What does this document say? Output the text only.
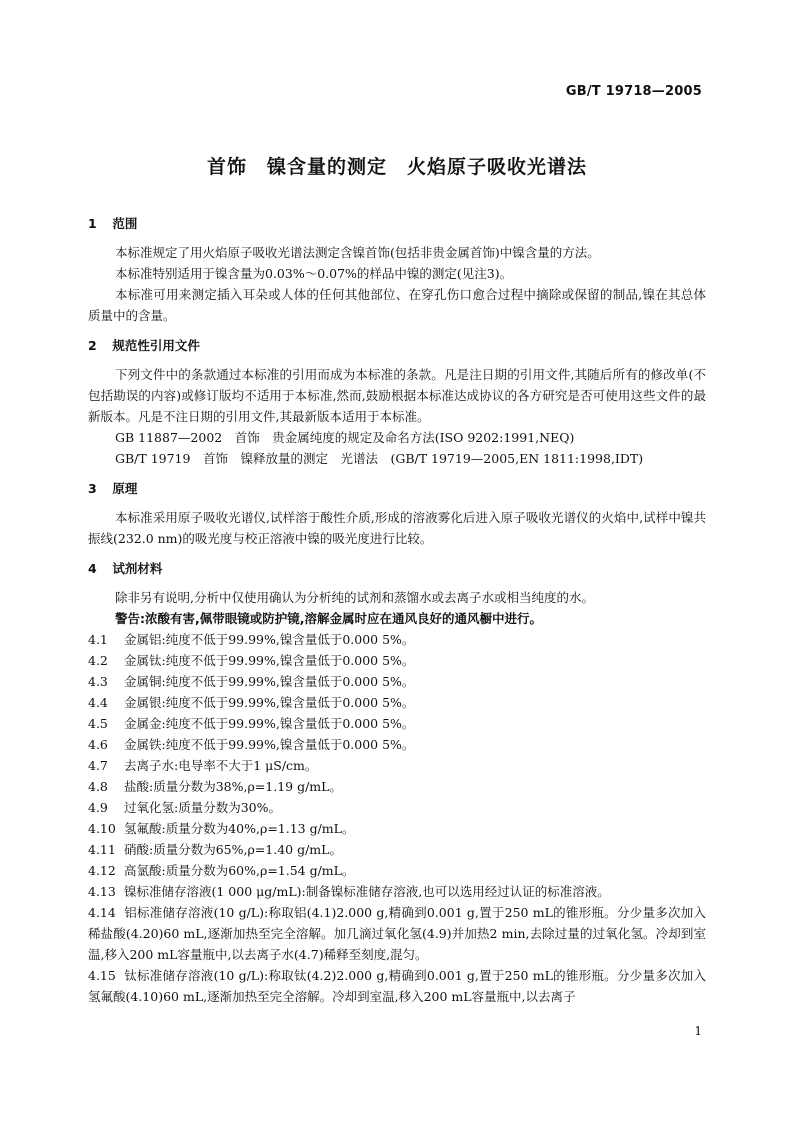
GB/T 19718—2005
首饰　镍含量的测定　火焰原子吸收光谱法
1 范围

本标准规定了用火焰原子吸收光谱法测定含镍首饰(包括非贵金属首饰)中镍含量的方法。

本标准特别适用于镍含量为0.03%～0.07%的样品中镍的测定(见注3)。

本标准可用来测定插入耳朵或人体的任何其他部位、在穿孔伤口愈合过程中摘除或保留的制品,镍在其总体质量中的含量。

2 规范性引用文件

下列文件中的条款通过本标准的引用而成为本标准的条款。凡是注日期的引用文件,其随后所有的修改单(不包括勘误的内容)或修订版均不适用于本标准,然而,鼓励根据本标准达成协议的各方研究是否可使用这些文件的最新版本。凡是不注日期的引用文件,其最新版本适用于本标准。

GB 11887—2002　首饰　贵金属纯度的规定及命名方法(ISO 9202:1991,NEQ)

GB/T 19719　首饰　镍释放量的测定　光谱法　(GB/T 19719—2005,EN 1811:1998,IDT)

3 原理

本标准采用原子吸收光谱仪,试样溶于酸性介质,形成的溶液雾化后进入原子吸收光谱仪的火焰中,试样中镍共振线(232.0 nm)的吸光度与校正溶液中镍的吸光度进行比较。

4 试剂材料

除非另有说明,分析中仅使用确认为分析纯的试剂和蒸馏水或去离子水或相当纯度的水。

警告:浓酸有害,佩带眼镜或防护镜,溶解金属时应在通风良好的通风橱中进行。

4.1 金属铝:纯度不低于99.99%,镍含量低于0.000 5%。

4.2 金属钛:纯度不低于99.99%,镍含量低于0.000 5%。

4.3 金属铜:纯度不低于99.99%,镍含量低于0.000 5%。

4.4 金属银:纯度不低于99.99%,镍含量低于0.000 5%。

4.5 金属金:纯度不低于99.99%,镍含量低于0.000 5%。

4.6 金属铁:纯度不低于99.99%,镍含量低于0.000 5%。

4.7 去离子水:电导率不大于1 μS/cm。

4.8 盐酸:质量分数为38%,ρ=1.19 g/mL。

4.9 过氧化氢:质量分数为30%。

4.10 氢氟酸:质量分数为40%,ρ=1.13 g/mL。

4.11 硝酸:质量分数为65%,ρ=1.40 g/mL。

4.12 高氯酸:质量分数为60%,ρ=1.54 g/mL。

4.13 镍标准储存溶液(1 000 μg/mL):制备镍标准储存溶液,也可以选用经过认证的标准溶液。

4.14 铝标准储存溶液(10 g/L):称取铝(4.1)2.000 g,精确到0.001 g,置于250 mL的锥形瓶。分少量多次加入稀盐酸(4.20)60 mL,逐渐加热至完全溶解。加几滴过氧化氢(4.9)并加热2 min,去除过量的过氧化氢。冷却到室温,移入200 mL容量瓶中,以去离子水(4.7)稀释至刻度,混匀。

4.15 钛标准储存溶液(10 g/L):称取钛(4.2)2.000 g,精确到0.001 g,置于250 mL的锥形瓶。分少量多次加入氢氟酸(4.10)60 mL,逐渐加热至完全溶解。冷却到室温,移入200 mL容量瓶中,以去离子

1
